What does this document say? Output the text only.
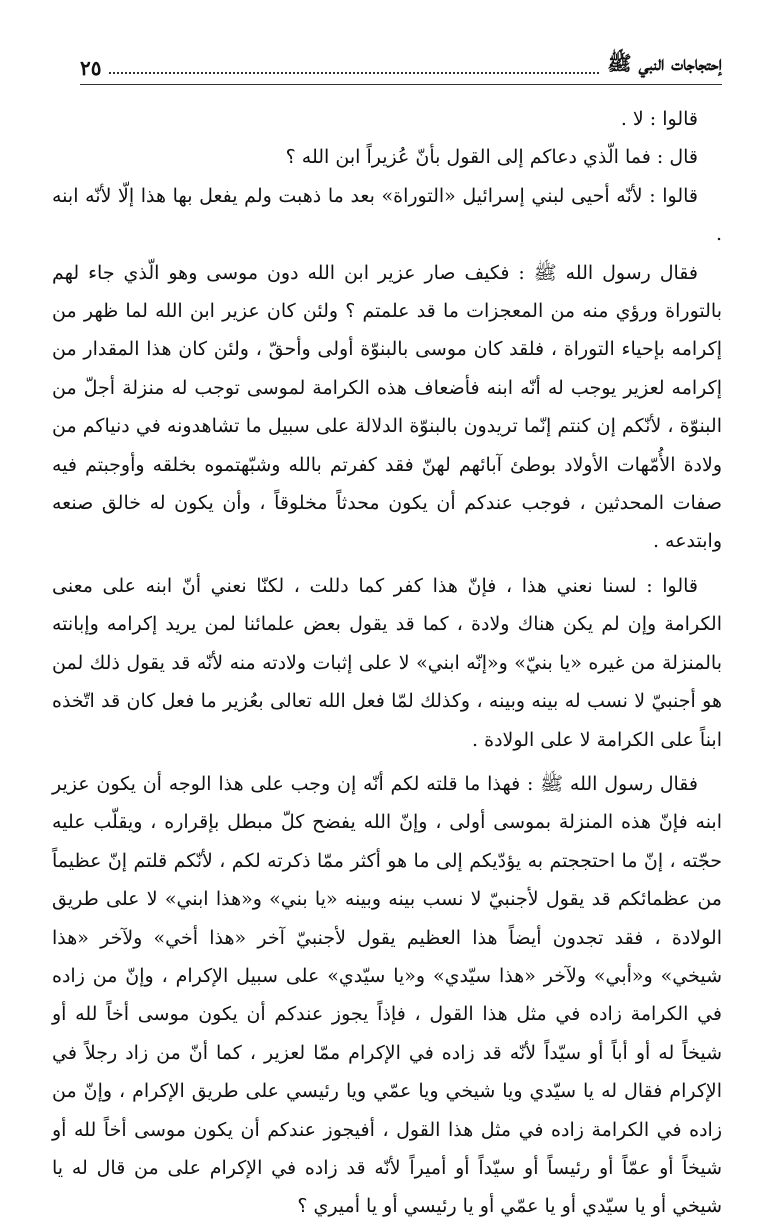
إحتجاجات النبي ﷺ
٢٥

قالوا : لا .

قال : فما الّذي دعاكم إلى القول بأنّ عُزيراً ابن الله ؟

قالوا : لأنّه أحيى لبني إسرائيل «التوراة» بعد ما ذهبت ولم يفعل بها هذا إلّا لأنّه ابنه .

فقال رسول الله ﷺ : فكيف صار عزير ابن الله دون موسى وهو الّذي جاء لهم بالتوراة ورؤي منه من المعجزات ما قد علمتم ؟ ولئن كان عزير ابن الله لما ظهر من إكرامه بإحياء التوراة ، فلقد كان موسى بالبنوّة أولى وأحقّ ، ولئن كان هذا المقدار من إكرامه لعزير يوجب له أنّه ابنه فأضعاف هذه الكرامة لموسى توجب له منزلة أجلّ من البنوّة ، لأنّكم إن كنتم إنّما تريدون بالبنوّة الدلالة على سبيل ما تشاهدونه في دنياكم من ولادة الأُمّهات الأولاد بوطئ آبائهم لهنّ فقد كفرتم بالله وشبّهتموه بخلقه وأوجبتم فيه صفات المحدثين ، فوجب عندكم أن يكون محدثاً مخلوقاً ، وأن يكون له خالق صنعه وابتدعه .

قالوا : لسنا نعني هذا ، فإنّ هذا كفر كما دللت ، لكنّا نعني أنّ ابنه على معنى الكرامة وإن لم يكن هناك ولادة ، كما قد يقول بعض علمائنا لمن يريد إكرامه وإبانته بالمنزلة من غيره «يا بنيّ» و«إنّه ابني» لا على إثبات ولادته منه لأنّه قد يقول ذلك لمن هو أجنبيّ لا نسب له بينه وبينه ، وكذلك لمّا فعل الله تعالى بعُزير ما فعل كان قد اتّخذه ابناً على الكرامة لا على الولادة .

فقال رسول الله ﷺ : فهذا ما قلته لكم أنّه إن وجب على هذا الوجه أن يكون عزير ابنه فإنّ هذه المنزلة بموسى أولى ، وإنّ الله يفضح كلّ مبطل بإقراره ، ويقلّب عليه حجّته ، إنّ ما احتججتم به يؤدّيكم إلى ما هو أكثر ممّا ذكرته لكم ، لأنّكم قلتم إنّ عظيماً من عظمائكم قد يقول لأجنبيّ لا نسب بينه وبينه «يا بني» و«هذا ابني» لا على طريق الولادة ، فقد تجدون أيضاً هذا العظيم يقول لأجنبيّ آخر «هذا أخي» ولآخر «هذا شيخي» و«أبي» ولآخر «هذا سيّدي» و«يا سيّدي» على سبيل الإكرام ، وإنّ من زاده في الكرامة زاده في مثل هذا القول ، فإذاً يجوز عندكم أن يكون موسى أخاً لله أو شيخاً له أو أباً أو سيّداً لأنّه قد زاده في الإكرام ممّا لعزير ، كما أنّ من زاد رجلاً في الإكرام فقال له يا سيّدي ويا شيخي ويا عمّي ويا رئيسي على طريق الإكرام ، وإنّ من زاده في الكرامة زاده في مثل هذا القول ، أفيجوز عندكم أن يكون موسى أخاً لله أو شيخاً أو عمّاً أو رئيساً أو سيّداً أو أميراً لأنّه قد زاده في الإكرام على من قال له يا شيخي أو يا سيّدي أو يا عمّي أو يا رئيسي أو يا أميري ؟
